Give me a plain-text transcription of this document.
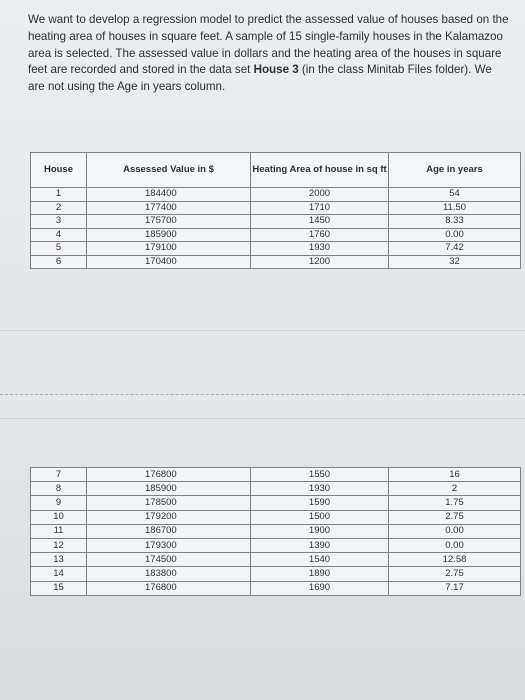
We want to develop a regression model to predict the assessed value of houses based on the heating area of houses in square feet. A sample of 15 single-family houses in the Kalamazoo area is selected. The assessed value in dollars and the heating area of the houses in square feet are recorded and stored in the data set House 3 (in the class Minitab Files folder). We are not using the Age in years column.
House	Assessed Value in $	Heating Area of house in sq ft	Age in years
1	184400	2000	54
2	177400	1710	11.50
3	175700	1450	8.33
4	185900	1760	0.00
5	179100	1930	7.42
6	170400	1200	32
7	176800	1550	16
8	185900	1930	2
9	178500	1590	1.75
10	179200	1500	2.75
11	186700	1900	0.00
12	179300	1390	0.00
13	174500	1540	12.58
14	183800	1890	2.75
15	176800	1690	7.17
